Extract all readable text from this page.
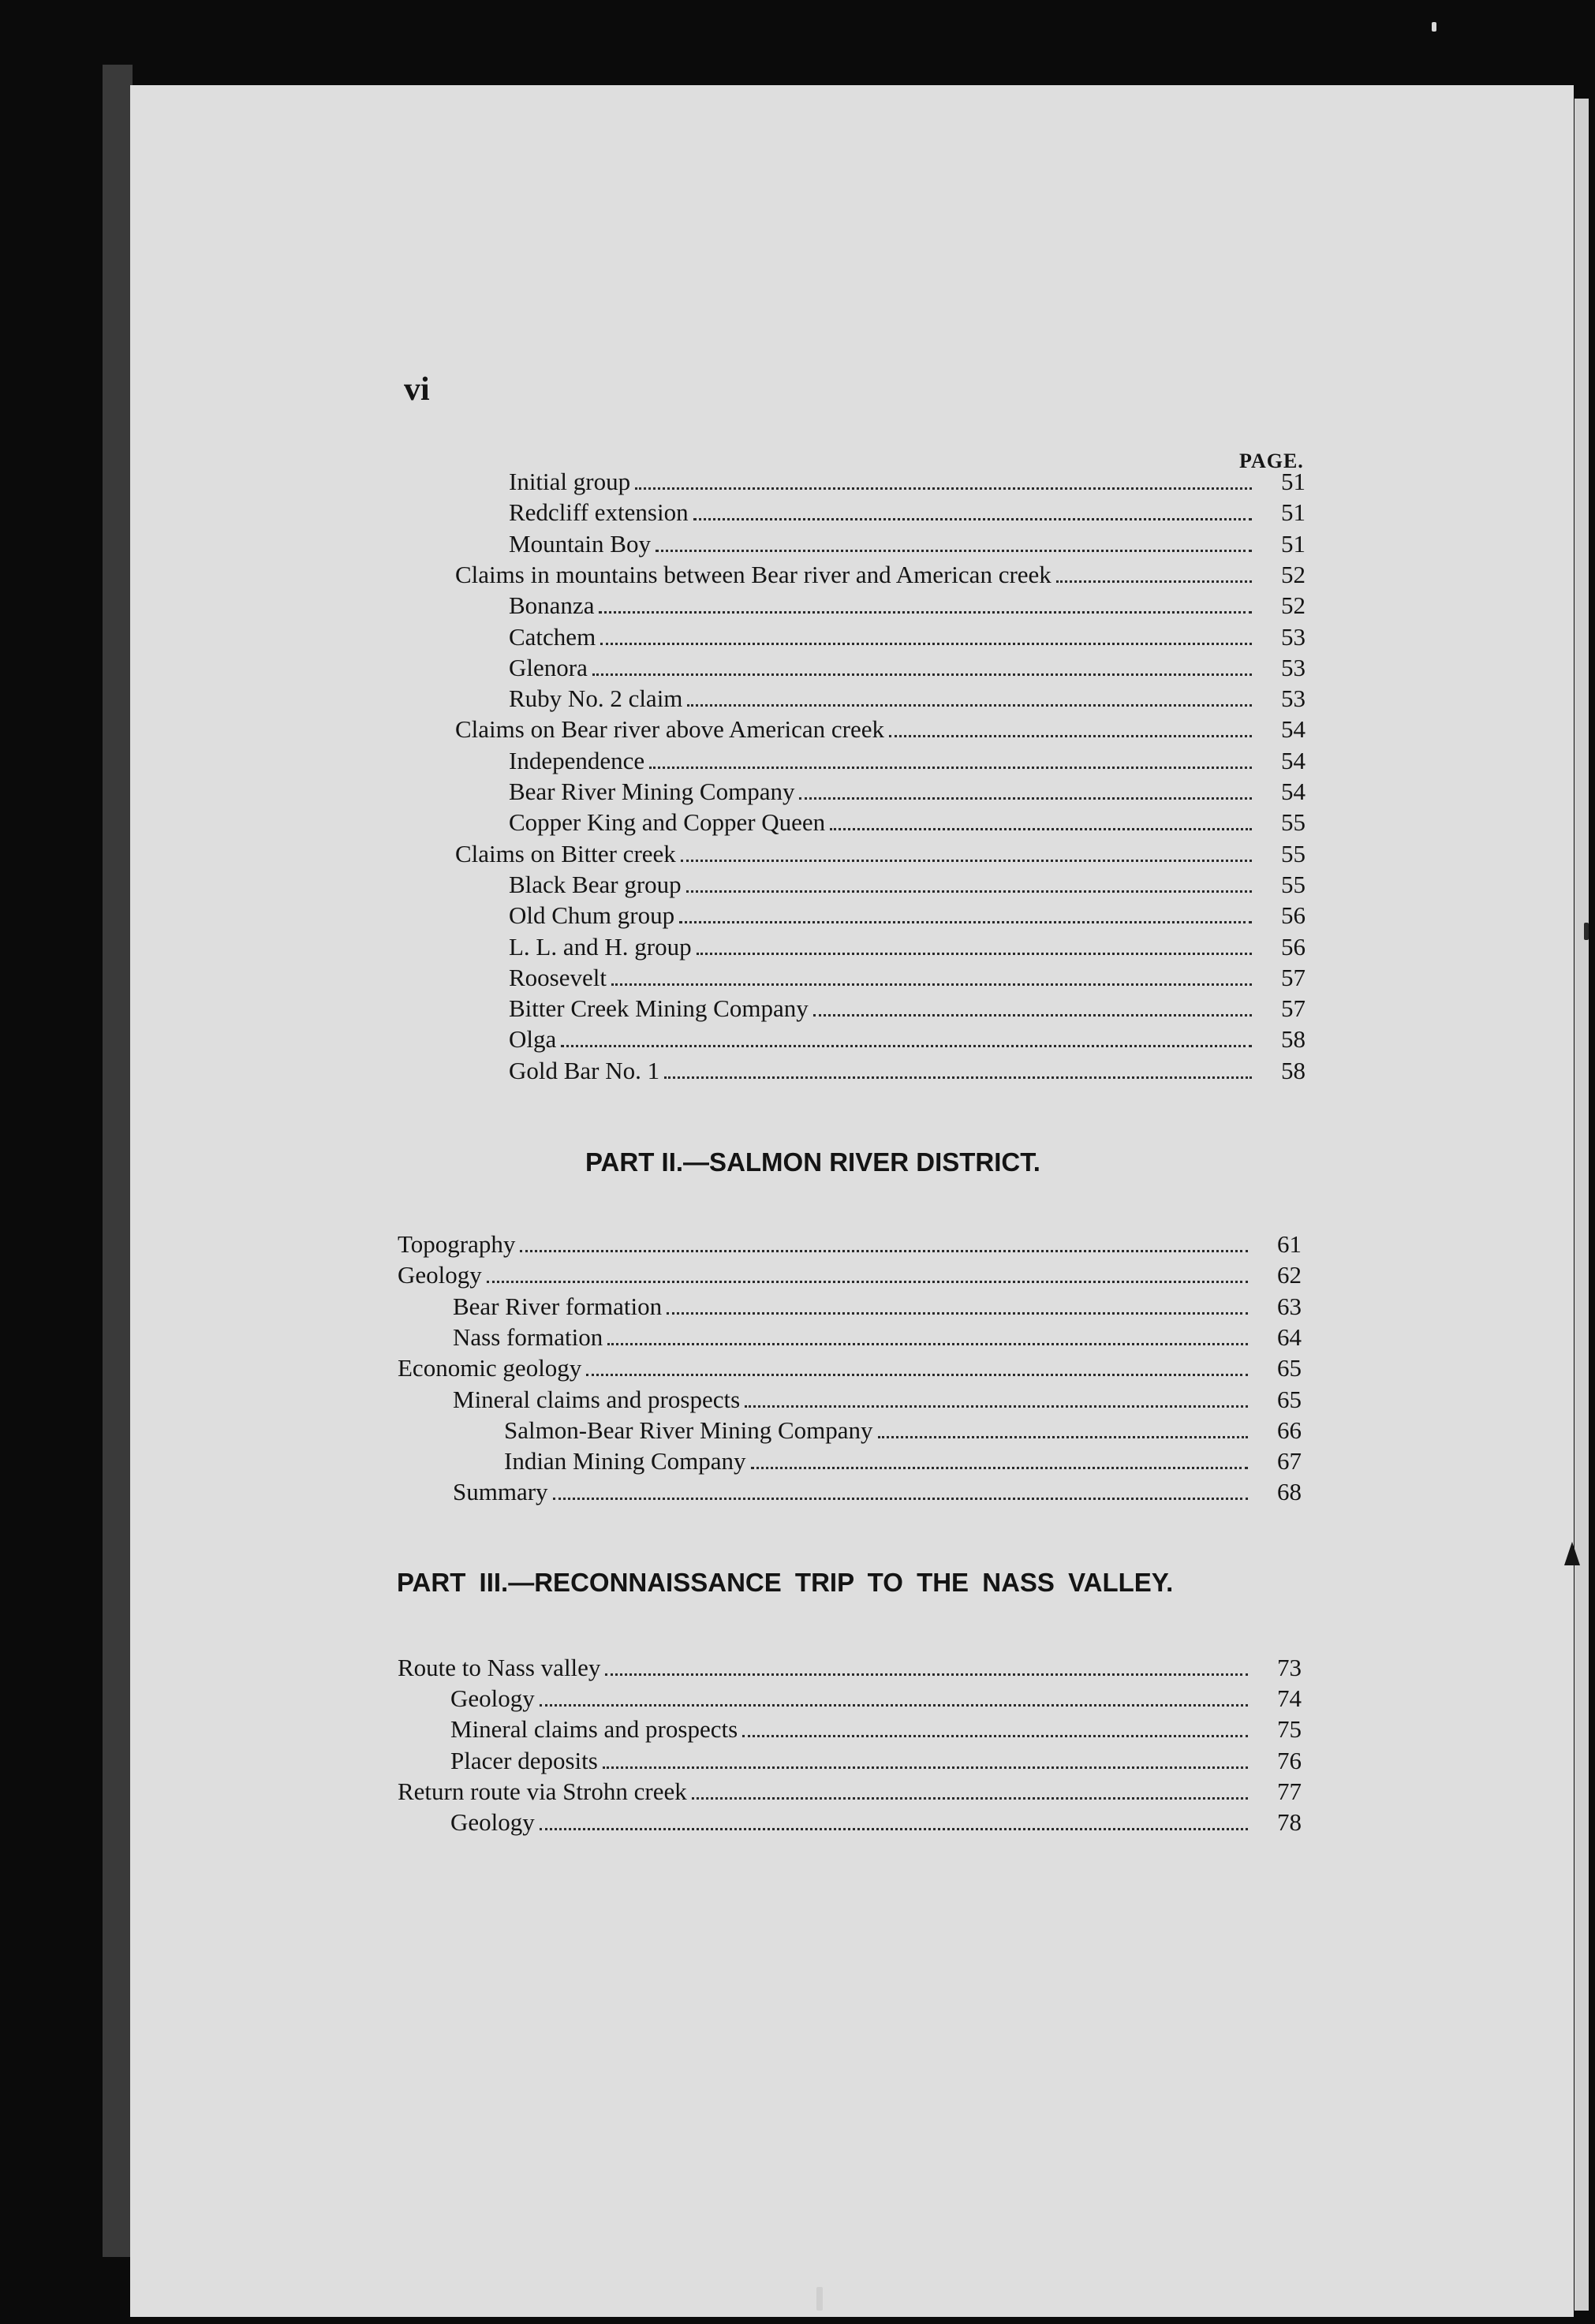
vi
PAGE.
Initial group	51
Redcliff extension	51
Mountain Boy	51
Claims in mountains between Bear river and American creek	52
Bonanza	52
Catchem	53
Glenora	53
Ruby No. 2 claim	53
Claims on Bear river above American creek	54
Independence	54
Bear River Mining Company	54
Copper King and Copper Queen	55
Claims on Bitter creek	55
Black Bear group	55
Old Chum group	56
L. L. and H. group	56
Roosevelt	57
Bitter Creek Mining Company	57
Olga	58
Gold Bar No. 1	58
PART II.—SALMON RIVER DISTRICT.
Topography	61
Geology	62
Bear River formation	63
Nass formation	64
Economic geology	65
Mineral claims and prospects	65
Salmon-Bear River Mining Company	66
Indian Mining Company	67
Summary	68
PART III.—RECONNAISSANCE TRIP TO THE NASS VALLEY.
Route to Nass valley	73
Geology	74
Mineral claims and prospects	75
Placer deposits	76
Return route via Strohn creek	77
Geology	78
